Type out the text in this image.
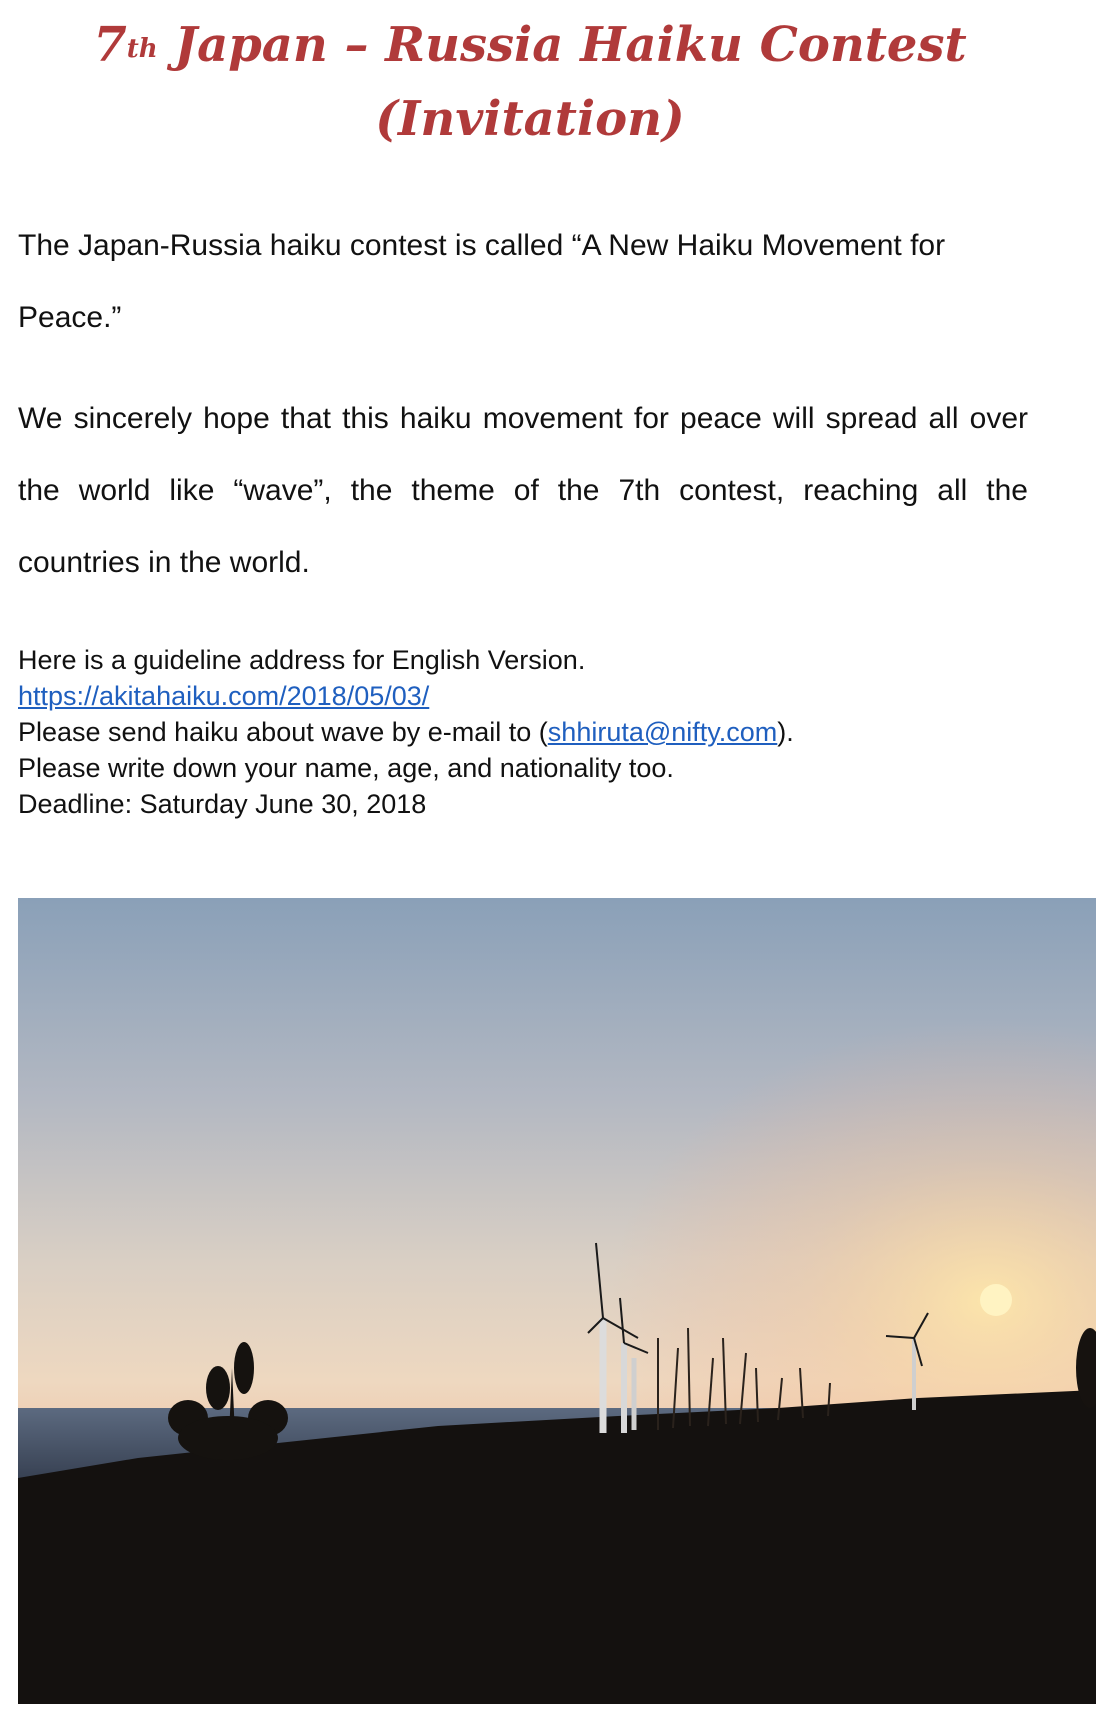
7th Japan – Russia Haiku Contest
(Invitation)

The Japan-Russia haiku contest is called “A New Haiku Movement for Peace.”

We sincerely hope that this haiku movement for peace will spread all over the world like “wave”, the theme of the 7th contest, reaching all the countries in the world.

Here is a guideline address for English Version.
https://akitahaiku.com/2018/05/03/
Please send haiku about wave by e-mail to (shhiruta@nifty.com).
Please write down your name, age, and nationality too.
Deadline: Saturday June 30, 2018
